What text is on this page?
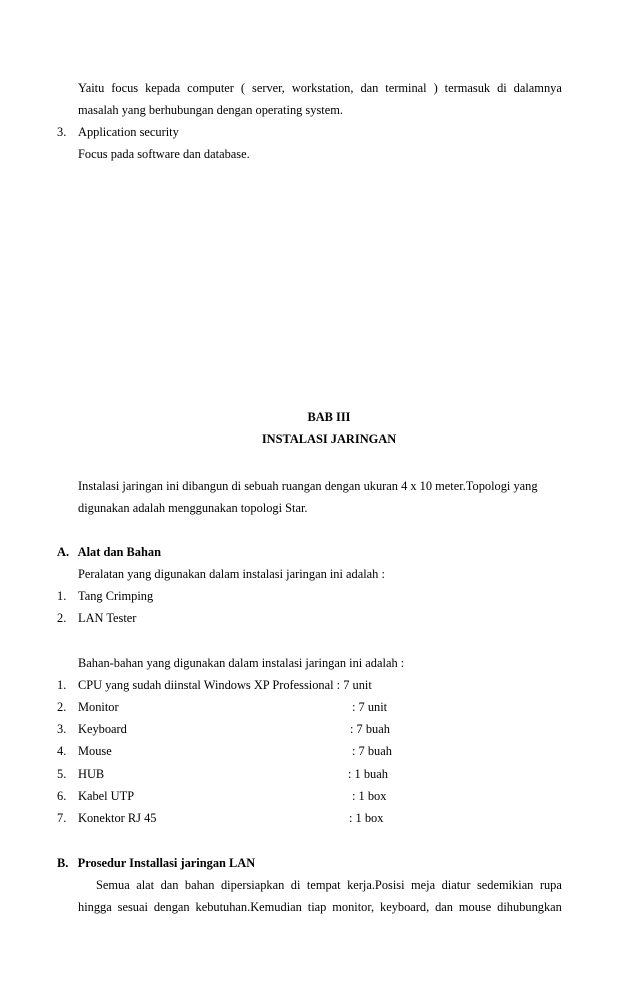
Yaitu focus kepada computer ( server, workstation, dan terminal ) termasuk di dalamnya
masalah yang berhubungan dengan operating system.
3. Application security
Focus pada software dan database.
BAB III
INSTALASI JARINGAN
Instalasi jaringan ini dibangun di sebuah ruangan dengan ukuran 4 x 10 meter.Topologi yang
digunakan adalah menggunakan topologi Star.
A.   Alat dan Bahan
Peralatan yang digunakan dalam instalasi jaringan ini adalah :
1. Tang Crimping
2. LAN Tester
Bahan-bahan yang digunakan dalam instalasi jaringan ini adalah :
1. CPU yang sudah diinstal Windows XP Professional : 7 unit
2. Monitor	: 7 unit
3. Keyboard	: 7 buah
4. Mouse	: 7 buah
5. HUB	: 1 buah
6. Kabel UTP	: 1 box
7. Konektor RJ 45	: 1 box
B.   Prosedur Installasi jaringan LAN
Semua alat dan bahan dipersiapkan di tempat kerja.Posisi meja diatur sedemikian rupa
hingga sesuai dengan kebutuhan.Kemudian tiap monitor, keyboard, dan mouse dihubungkan
